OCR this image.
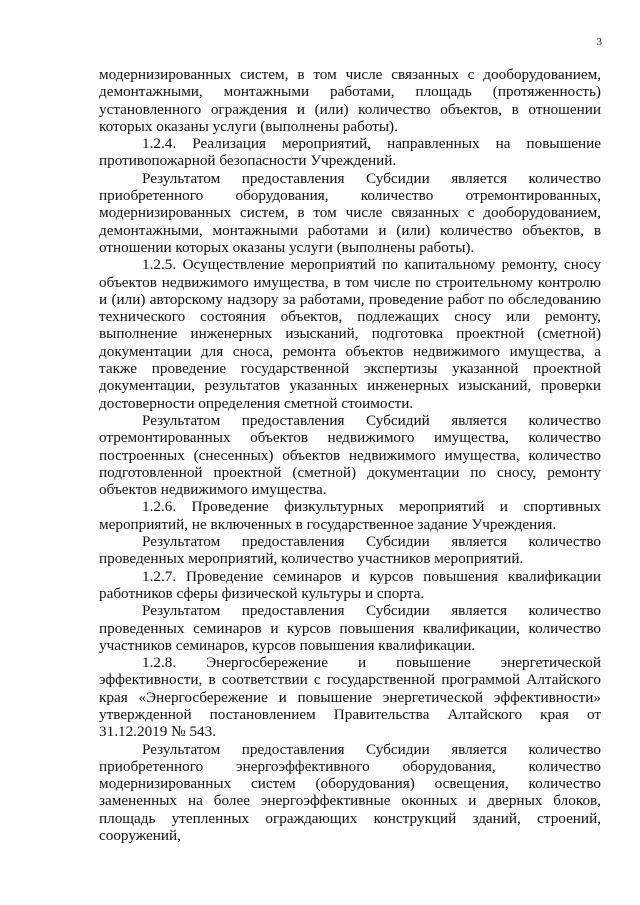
3

модернизированных систем, в том числе связанных с дооборудованием, демонтажными, монтажными работами, площадь (протяженность) установленного ограждения и (или) количество объектов, в отношении которых оказаны услуги (выполнены работы).

1.2.4. Реализация мероприятий, направленных на повышение противопожарной безопасности Учреждений.

Результатом предоставления Субсидии является количество приобретенного оборудования, количество отремонтированных, модернизированных систем, в том числе связанных с дооборудованием, демонтажными, монтажными работами и (или) количество объектов, в отношении которых оказаны услуги (выполнены работы).

1.2.5. Осуществление мероприятий по капитальному ремонту, сносу объектов недвижимого имущества, в том числе по строительному контролю и (или) авторскому надзору за работами, проведение работ по обследованию технического состояния объектов, подлежащих сносу или ремонту, выполнение инженерных изысканий, подготовка проектной (сметной) документации для сноса, ремонта объектов недвижимого имущества, а также проведение государственной экспертизы указанной проектной документации, результатов указанных инженерных изысканий, проверки достоверности определения сметной стоимости.

Результатом предоставления Субсидий является количество отремонтированных объектов недвижимого имущества, количество построенных (снесенных) объектов недвижимого имущества, количество подготовленной проектной (сметной) документации по сносу, ремонту объектов недвижимого имущества.

1.2.6. Проведение физкультурных мероприятий и спортивных мероприятий, не включенных в государственное задание Учреждения.

Результатом предоставления Субсидии является количество проведенных мероприятий, количество участников мероприятий.

1.2.7. Проведение семинаров и курсов повышения квалификации работников сферы физической культуры и спорта.

Результатом предоставления Субсидии является количество проведенных семинаров и курсов повышения квалификации, количество участников семинаров, курсов повышения квалификации.

1.2.8. Энергосбережение и повышение энергетической эффективности, в соответствии с государственной программой Алтайского края «Энергосбережение и повышение энергетической эффективности» утвержденной постановлением Правительства Алтайского края от 31.12.2019 № 543.

Результатом предоставления Субсидии является количество приобретенного энергоэффективного оборудования, количество модернизированных систем (оборудования) освещения, количество замененных на более энергоэффективные оконных и дверных блоков, площадь утепленных ограждающих конструкций зданий, строений, сооружений,
